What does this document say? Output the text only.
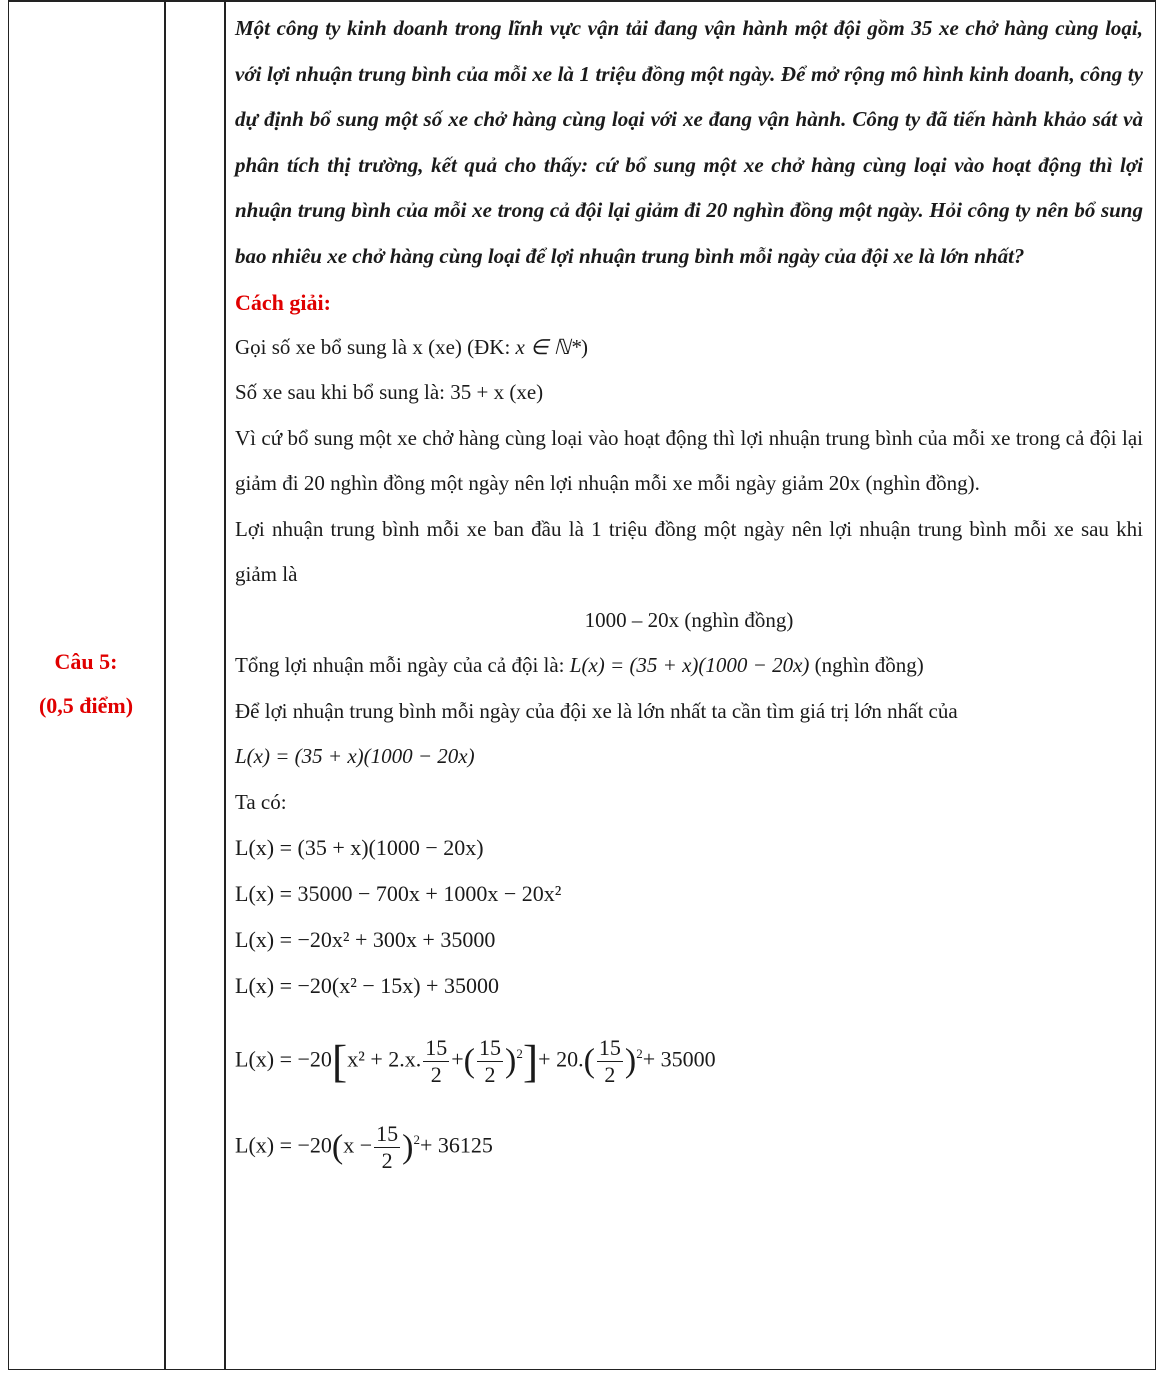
Câu 5:
(0,5 điểm)

Một công ty kinh doanh trong lĩnh vực vận tải đang vận hành một đội gồm 35 xe chở hàng cùng loại, với lợi nhuận trung bình của mỗi xe là 1 triệu đồng một ngày. Để mở rộng mô hình kinh doanh, công ty dự định bổ sung một số xe chở hàng cùng loại với xe đang vận hành. Công ty đã tiến hành khảo sát và phân tích thị trường, kết quả cho thấy: cứ bổ sung một xe chở hàng cùng loại vào hoạt động thì lợi nhuận trung bình của mỗi xe trong cả đội lại giảm đi 20 nghìn đồng một ngày. Hỏi công ty nên bổ sung bao nhiêu xe chở hàng cùng loại để lợi nhuận trung bình mỗi ngày của đội xe là lớn nhất?

Cách giải:

Gọi số xe bổ sung là x (xe) (ĐK: x ∈ ℕ*)

Số xe sau khi bổ sung là: 35 + x (xe)

Vì cứ bổ sung một xe chở hàng cùng loại vào hoạt động thì lợi nhuận trung bình của mỗi xe trong cả đội lại giảm đi 20 nghìn đồng một ngày nên lợi nhuận mỗi xe mỗi ngày giảm 20x (nghìn đồng).

Lợi nhuận trung bình mỗi xe ban đầu là 1 triệu đồng một ngày nên lợi nhuận trung bình mỗi xe sau khi giảm là

1000 – 20x (nghìn đồng)

Tổng lợi nhuận mỗi ngày của cả đội là: L(x) = (35 + x)(1000 − 20x) (nghìn đồng)

Để lợi nhuận trung bình mỗi ngày của đội xe là lớn nhất ta cần tìm giá trị lớn nhất của

L(x) = (35 + x)(1000 − 20x)

Ta có:

L(x) = (35 + x)(1000 − 20x)

L(x) = 35000 − 700x + 1000x − 20x²

L(x) = −20x² + 300x + 35000

L(x) = −20(x² − 15x) + 35000

L(x) = −20[x² + 2.x. $\frac{15}{2}$ +( $\frac{15}{2} )^2]+ 20.( \frac{15}{2} )^2+ 35000$

$L(x) = -20(x - \frac{15}{2} )^2+ 36125$
